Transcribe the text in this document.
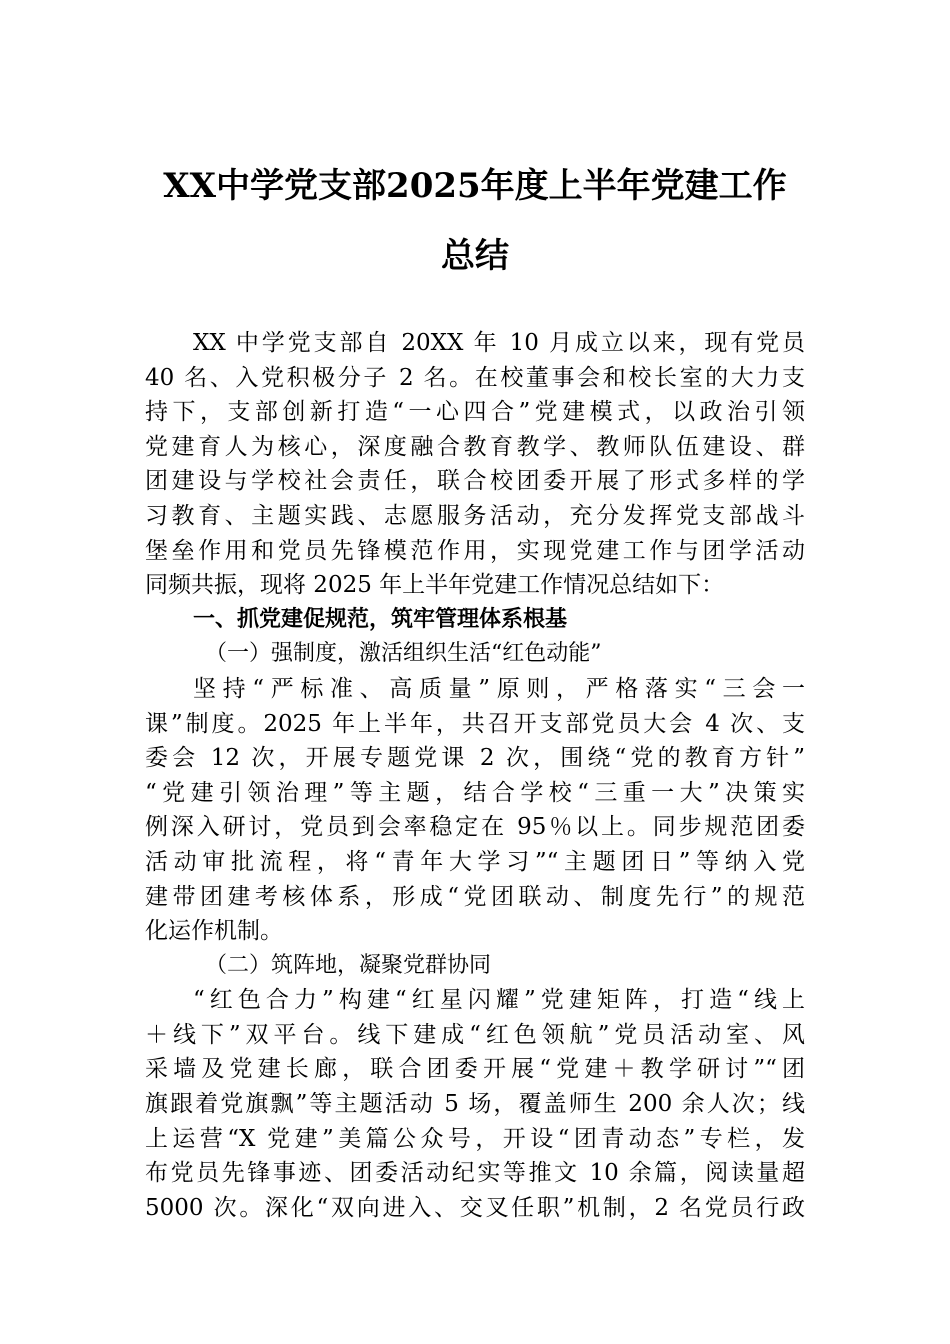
XX中学党支部2025年度上半年党建工作
总结
XX 中学党支部自 20XX 年 10 月成立以来，现有党员
40 名、入党积极分子 2 名。在校董事会和校长室的大力支
持下，支部创新打造“一心四合”党建模式，以政治引领
党建育人为核心，深度融合教育教学、教师队伍建设、群
团建设与学校社会责任，联合校团委开展了形式多样的学
习教育、主题实践、志愿服务活动，充分发挥党支部战斗
堡垒作用和党员先锋模范作用，实现党建工作与团学活动
同频共振，现将 2025 年上半年党建工作情况总结如下：
一、抓党建促规范，筑牢管理体系根基
（一）强制度，激活组织生活“红色动能”
坚持“严标准、高质量”原则，严格落实“三会一
课”制度。2025 年上半年，共召开支部党员大会 4 次、支
委会 12 次，开展专题党课 2 次，围绕“党的教育方针”
“党建引领治理”等主题，结合学校“三重一大”决策实
例深入研讨，党员到会率稳定在 95％以上。同步规范团委
活动审批流程，将“青年大学习”“主题团日”等纳入党
建带团建考核体系，形成“党团联动、制度先行”的规范
化运作机制。
（二）筑阵地，凝聚党群协同
“红色合力”构建“红星闪耀”党建矩阵，打造“线上
＋线下”双平台。线下建成“红色领航”党员活动室、风
采墙及党建长廊，联合团委开展“党建＋教学研讨”“团
旗跟着党旗飘”等主题活动 5 场，覆盖师生 200 余人次；线
上运营“X 党建”美篇公众号，开设“团青动态”专栏，发
布党员先锋事迹、团委活动纪实等推文 10 余篇，阅读量超
5000 次。深化“双向进入、交叉任职”机制，2 名党员行政
